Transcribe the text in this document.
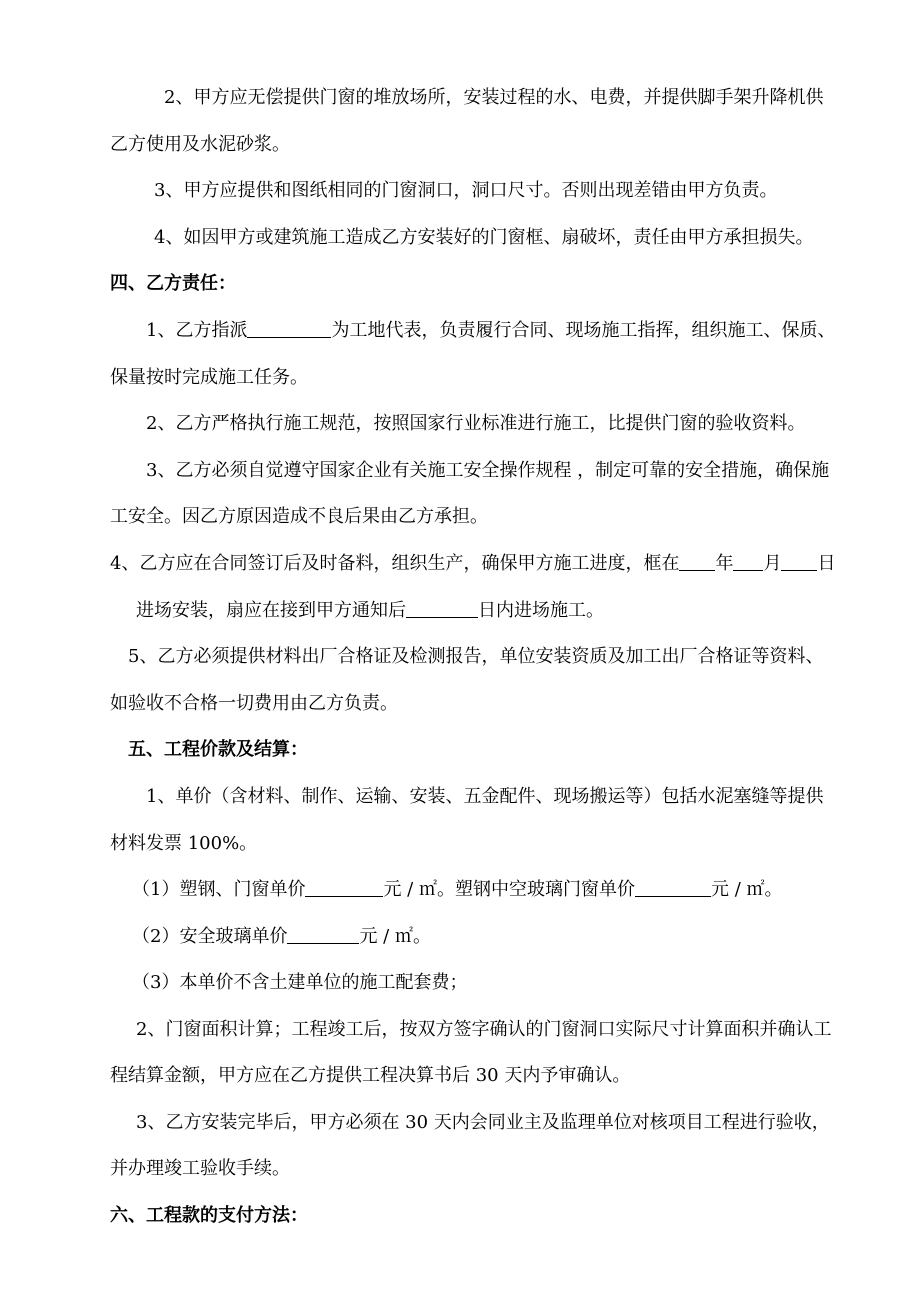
2、甲方应无偿提供门窗的堆放场所，安装过程的水、电费，并提供脚手架升降机供
乙方使用及水泥砂浆。
3、甲方应提供和图纸相同的门窗洞口，洞口尺寸。否则出现差错由甲方负责。
4、如因甲方或建筑施工造成乙方安装好的门窗框、扇破坏，责任由甲方承担损失。
四、乙方责任：
1、乙方指派	为工地代表，负责履行合同、现场施工指挥，组织施工、保质、
保量按时完成施工任务。
2、乙方严格执行施工规范，按照国家行业标准进行施工，比提供门窗的验收资料。
3、乙方必须自觉遵守国家企业有关施工安全操作规程 ，制定可靠的安全措施，确保施
工安全。因乙方原因造成不良后果由乙方承担。
4、乙方应在合同签订后及时备料，组织生产，确保甲方施工进度，框在 年 月 日
进场安装，扇应在接到甲方通知后	日内进场施工。
5、乙方必须提供材料出厂合格证及检测报告，单位安装资质及加工出厂合格证等资料、
如验收不合格一切费用由乙方负责。
五、工程价款及结算：
1、单价（含材料、制作、运输、安装、五金配件、现场搬运等）包括水泥塞缝等提供
材料发票 100%。
（1）塑钢、门窗单价	元 / ㎡。塑钢中空玻璃门窗单价	元 / ㎡。
（2）安全玻璃单价	元 / ㎡。
（3）本单价不含土建单位的施工配套费；
2、门窗面积计算；工程竣工后，按双方签字确认的门窗洞口实际尺寸计算面积并确认工
程结算金额，甲方应在乙方提供工程决算书后 30 天内予审确认。
3、乙方安装完毕后，甲方必须在 30 天内会同业主及监理单位对核项目工程进行验收，
并办理竣工验收手续。
六、工程款的支付方法：
